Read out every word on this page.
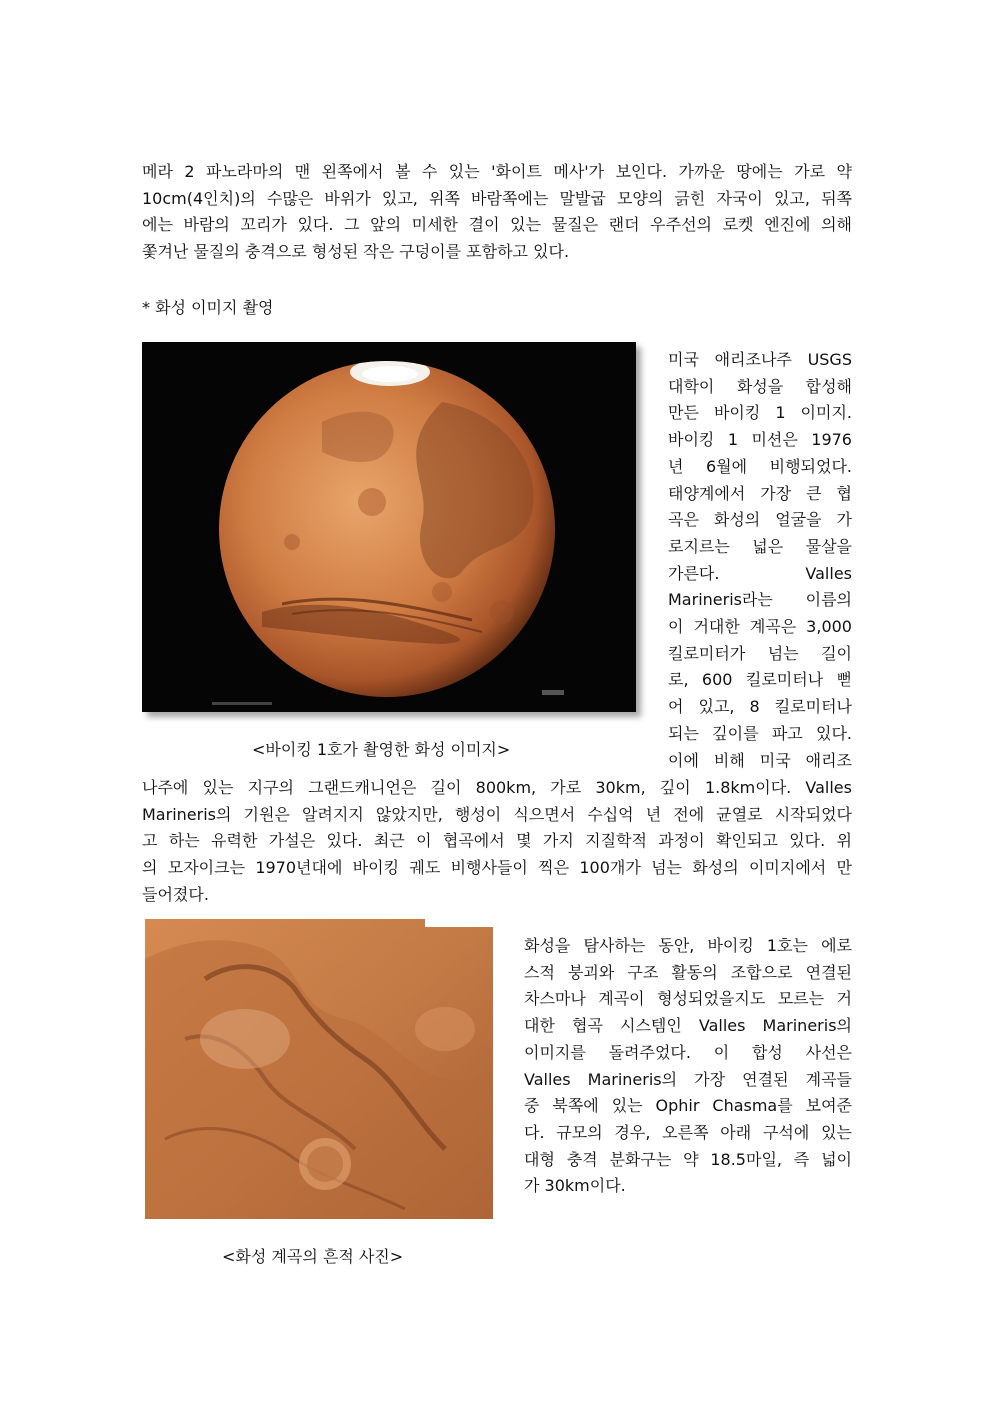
메라 2 파노라마의 맨 왼쪽에서 볼 수 있는 '화이트 메사'가 보인다. 가까운 땅에는 가로 약
10cm(4인치)의 수많은 바위가 있고, 위쪽 바람쪽에는 말발굽 모양의 긁힌 자국이 있고, 뒤쪽
에는 바람의 꼬리가 있다. 그 앞의 미세한 결이 있는 물질은 랜더 우주선의 로켓 엔진에 의해
쫓겨난 물질의 충격으로 형성된 작은 구덩이를 포함하고 있다.
* 화성 이미지 촬영
<바이킹 1호가 촬영한 화성 이미지>
미국 애리조나주 USGS
대학이 화성을 합성해
만든 바이킹 1 이미지.
바이킹 1 미션은 1976
년 6월에 비행되었다.
태양계에서 가장 큰 협
곡은 화성의 얼굴을 가
로지르는 넓은 물살을
가른다. Valles
Marineris라는 이름의
이 거대한 계곡은 3,000
킬로미터가 넘는 길이
로, 600 킬로미터나 뻗
어 있고, 8 킬로미터나
되는 깊이를 파고 있다.
이에 비해 미국 애리조
나주에 있는 지구의 그랜드캐니언은 길이 800km, 가로 30km, 깊이 1.8km이다. Valles
Marineris의 기원은 알려지지 않았지만, 행성이 식으면서 수십억 년 전에 균열로 시작되었다
고 하는 유력한 가설은 있다. 최근 이 협곡에서 몇 가지 지질학적 과정이 확인되고 있다. 위
의 모자이크는 1970년대에 바이킹 궤도 비행사들이 찍은 100개가 넘는 화성의 이미지에서 만
들어졌다.
<화성 계곡의 흔적 사진>
화성을 탐사하는 동안, 바이킹 1호는 에로
스적 붕괴와 구조 활동의 조합으로 연결된
차스마나 계곡이 형성되었을지도 모르는 거
대한 협곡 시스템인 Valles Marineris의
이미지를 돌려주었다. 이 합성 사선은
Valles Marineris의 가장 연결된 계곡들
중 북쪽에 있는 Ophir Chasma를 보여준
다. 규모의 경우, 오른쪽 아래 구석에 있는
대형 충격 분화구는 약 18.5마일, 즉 넓이
가 30km이다.
